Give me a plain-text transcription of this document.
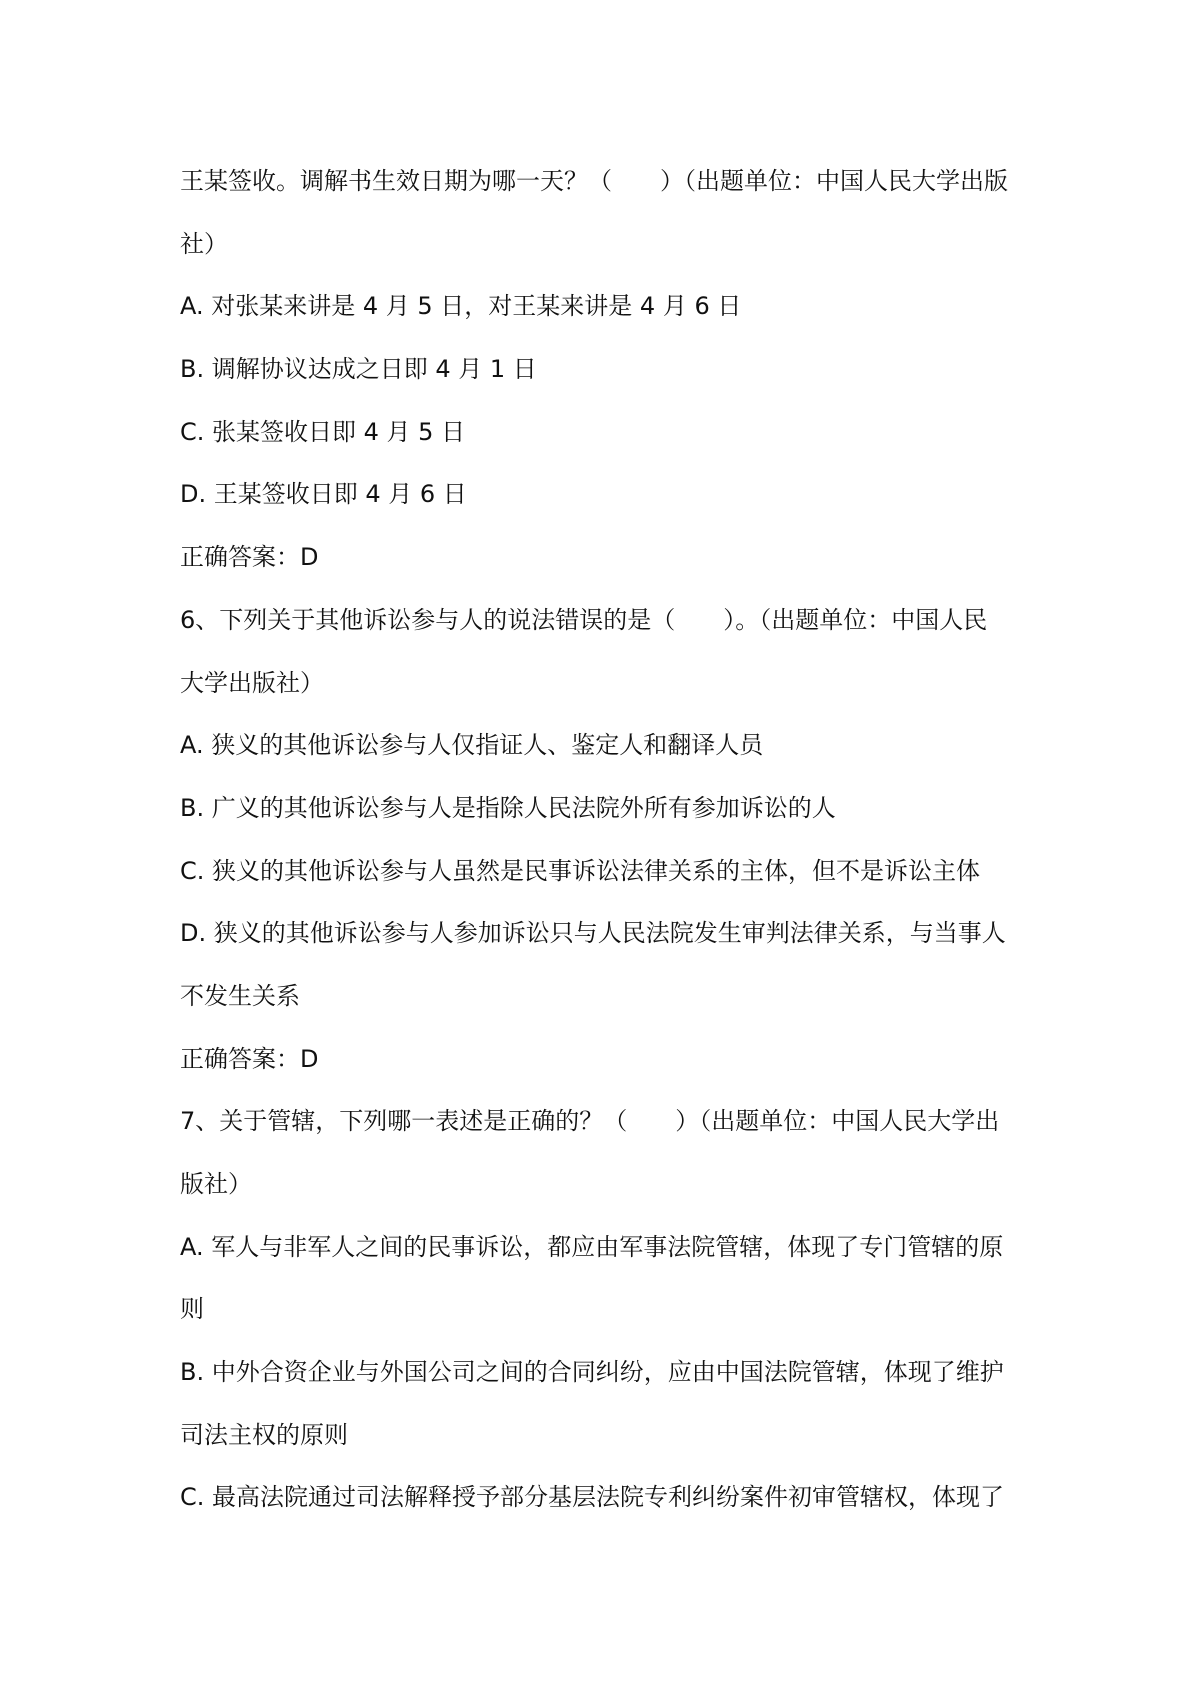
王某签收。调解书生效日期为哪一天？（　　）（出题单位：中国人民大学出版
社）
A. 对张某来讲是 4 月 5 日，对王某来讲是 4 月 6 日
B. 调解协议达成之日即 4 月 1 日
C. 张某签收日即 4 月 5 日
D. 王某签收日即 4 月 6 日
正确答案：D
6、下列关于其他诉讼参与人的说法错误的是（　　）。（出题单位：中国人民
大学出版社）
A. 狭义的其他诉讼参与人仅指证人、鉴定人和翻译人员
B. 广义的其他诉讼参与人是指除人民法院外所有参加诉讼的人
C. 狭义的其他诉讼参与人虽然是民事诉讼法律关系的主体，但不是诉讼主体
D. 狭义的其他诉讼参与人参加诉讼只与人民法院发生审判法律关系，与当事人
不发生关系
正确答案：D
7、关于管辖，下列哪一表述是正确的？（　　）（出题单位：中国人民大学出
版社）
A. 军人与非军人之间的民事诉讼，都应由军事法院管辖，体现了专门管辖的原
则
B. 中外合资企业与外国公司之间的合同纠纷，应由中国法院管辖，体现了维护
司法主权的原则
C. 最高法院通过司法解释授予部分基层法院专利纠纷案件初审管辖权，体现了
